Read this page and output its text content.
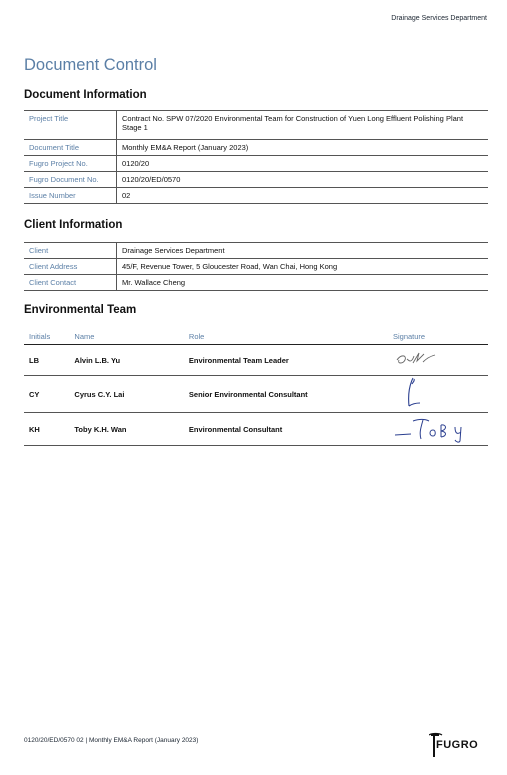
Drainage Services Department
Document Control
Document Information
Project Title	Contract No. SPW 07/2020 Environmental Team for Construction of Yuen Long Effluent Polishing Plant Stage 1
Document Title	Monthly EM&A Report (January 2023)
Fugro Project No.	0120/20
Fugro Document No.	0120/20/ED/0570
Issue Number	02
Client Information
Client	Drainage Services Department
Client Address	45/F, Revenue Tower, 5 Gloucester Road, Wan Chai, Hong Kong
Client Contact	Mr. Wallace Cheng
Environmental Team
Initials	Name	Role	Signature
LB	Alvin L.B. Yu	Environmental Team Leader	
CY	Cyrus C.Y. Lai	Senior Environmental Consultant	
KH	Toby K.H. Wan	Environmental Consultant	
0120/20/ED/0570 02 | Monthly EM&A Report (January 2023)	FUGRO
